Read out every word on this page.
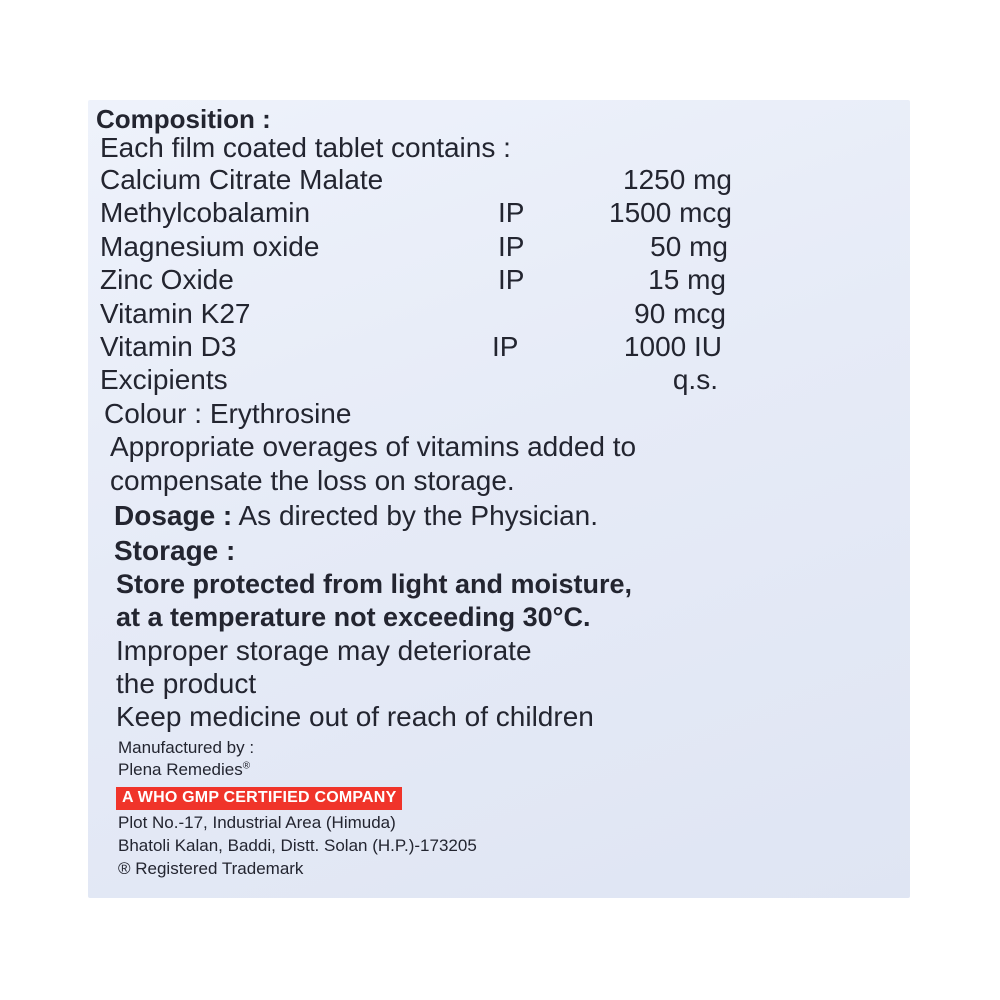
Composition :
Each film coated tablet contains :
Calcium Citrate Malate	1250 mg
Methylcobalamin	IP	1500 mcg
Magnesium oxide	IP	50 mg
Zinc Oxide	IP	15 mg
Vitamin K27	90 mcg
Vitamin D3	IP	1000 IU
Excipients	q.s.
Colour : Erythrosine
Appropriate overages of vitamins added to
compensate the loss on storage.
Dosage : As directed by the Physician.
Storage :
Store protected from light and moisture,
at a temperature not exceeding 30°C.
Improper storage may deteriorate
the product
Keep medicine out of reach of children
Manufactured by :
Plena Remedies®
A WHO GMP CERTIFIED COMPANY
Plot No.-17, Industrial Area (Himuda)
Bhatoli Kalan, Baddi, Distt. Solan (H.P.)-173205
® Registered Trademark
